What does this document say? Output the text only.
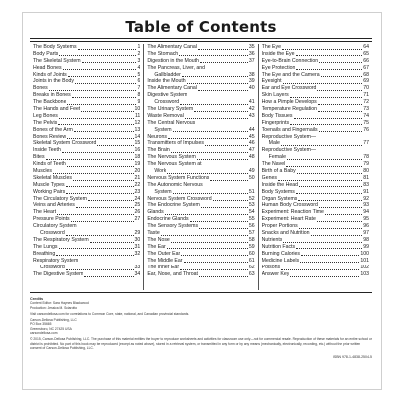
Table of Contents
The Body Systems	1
Body Parts	2
The Skeletal System	3
Head Bones	4
Kinds of Joints	5
Joints in the Body	6
Bones	7
Breaks in Bones	8
The Backbone	9
The Hands and Feet	10
Leg Bones	11
The Pelvis	12
Bones of the Arm	13
Bones Review	14
Skeletal System Crossword	15
Inside Teeth	16
Bites	18
Kinds of Teeth	19
Muscles	20
Skeletal Muscles	21
Muscle Types	22
Working Pairs	23
The Circulatory System	24
Veins and Arteries	25
The Heart	26
Pressure Points	27
Circulatory System
Crossword	29
The Respiratory System	30
The Lungs	31
Breathing	32
Respiratory System
Crossword	33
The Digestive System	34
The Alimentary Canal	35
The Stomach	36
Digestion in the Mouth	37
The Pancreas, Liver, and
Gallbladder	38
Inside the Mouth	39
The Alimentary Canal	40
Digestive System
Crossword	41
The Urinary System	42
Waste Removal	43
The Central Nervous
System	44
Neurons	45
Transmitters of Impulses	46
The Brain	47
The Nervous System	48
The Nervous System at
Work	49
Nervous System Functions	50
The Autonomic Nervous
System	51
Nervous System Crossword	52
The Endocrine System	53
Glands	54
Endocrine Glands	55
The Sensory Systems	56
Taste	57
The Nose	58
The Ear	59
The Outer Ear	60
The Middle Ear	61
The Inner Ear	62
Ear, Nose, and Throat	63
The Eye	64
Inside the Eye	65
Eye-to-Brain Connection	66
Eye Protection	67
The Eye and the Camera	68
Eyesight	69
Ear and Eye Crossword	70
Skin Layers	71
How a Pimple Develops	72
Temperature Regulation	73
Body Tissues	74
Fingerprints	75
Toenails and Fingernails	76
Reproductive System—
Male	77
Reproductive System—
Female	78
The Navel	79
Birth of a Baby	80
Genes	81
Inside the Head	83
Body Systems	91
Organ Systems	92
Human Body Crossword	93
Experiment: Reaction Time	94
Experiment: Heart Rate	95
Proper Portions	96
Snacks and Nutrition	97
Nutrients	98
Nutrition Facts	99
Burning Calories	100
Medicine Labels	101
Poisons	102
Answer Key	103

Credits
Content Editor: Sara Haynes Blackwood
Production: Jessica M. Sciarotto

Visit carsondellosa.com for correlations to Common Core, state, national, and Canadian provincial standards.

Carson-Dellosa Publishing, LLC
PO Box 35665
Greensboro, NC 27425 USA
carsondellosa.com

© 2015, Carson-Dellosa Publishing, LLC. The purchase of this material entitles the buyer to reproduce worksheets and activities for classroom use only—not for commercial resale. Reproduction of these materials for an entire school or district is prohibited. No part of this book may be reproduced (except as noted above), stored in a retrieval system, or transmitted in any form or by any means (mechanically, electronically, recording, etc.) without the prior written consent of Carson-Dellosa Publishing, LLC.

ISBN 978-1-4838-2504-5
